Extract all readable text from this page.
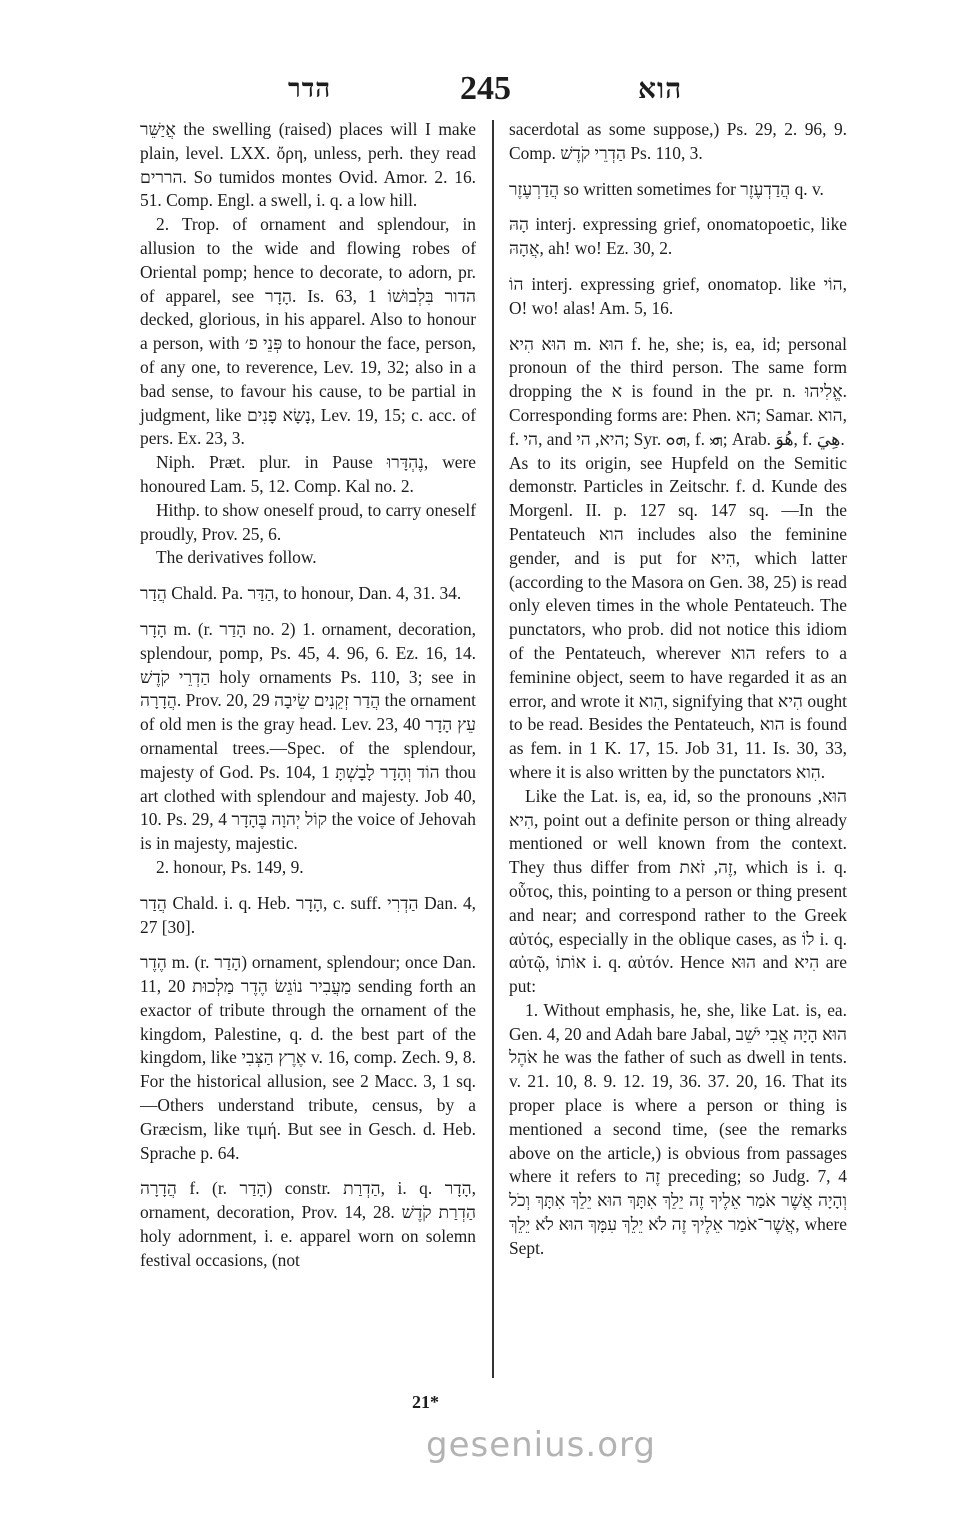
הדר	245	הוא

אֲיַשֵּׁר the swelling (raised) places will I make plain, level. LXX. ὄρη, unless, perh. they read הררים. So tumidos montes Ovid. Amor. 2. 16. 51. Comp. Engl. a swell, i. q. a low hill.

2. Trop. of ornament and splendour, in allusion to the wide and flowing robes of Oriental pomp; hence to decorate, to adorn, pr. of apparel, see הָדָר. Is. 63, 1 הדור בִּלְבוּשׁוֹ decked, glorious, in his apparel. Also to honour a person, with פְּנֵי פ׳ to honour the face, person, of any one, to reverence, Lev. 19, 32; also in a bad sense, to favour his cause, to be partial in judgment, like נָשָׂא פָנִים, Lev. 19, 15; c. acc. of pers. Ex. 23, 3.

Niph. Præt. plur. in Pause נֶהְדָּרוּ, were honoured Lam. 5, 12. Comp. Kal no. 2.

Hithp. to show oneself proud, to carry oneself proudly, Prov. 25, 6.

The derivatives follow.

הֲדַר Chald. Pa. הַדַּר, to honour, Dan. 4, 31. 34.

הָדָר m. (r. הָדַר no. 2) 1. ornament, decoration, splendour, pomp, Ps. 45, 4. 96, 6. Ez. 16, 14. הַדְרֵי קֹדֶשׁ holy ornaments Ps. 110, 3; see in הֲדָרָה. Prov. 20, 29 הֲדַר זְקֵנִים שֵׂיבָה the ornament of old men is the gray head. Lev. 23, 40 עֵץ הָדָר ornamental trees.—Spec. of the splendour, majesty of God. Ps. 104, 1 הוֹד וְהָדָר לָבָשְׁתָּ thou art clothed with splendour and majesty. Job 40, 10. Ps. 29, 4 קוֹל יְהוָה בֶּהָדָר the voice of Jehovah is in majesty, majestic.

2. honour, Ps. 149, 9.

הֲדַר Chald. i. q. Heb. הָדָר, c. suff. הַדְרִי Dan. 4, 27 [30].

הֶדֶר m. (r. הָדַר) ornament, splendour; once Dan. 11, 20 מַעֲבִיר נוֹגֵשׂ הֶדֶר מַלְכוּת sending forth an exactor of tribute through the ornament of the kingdom, Palestine, q. d. the best part of the kingdom, like אֶרֶץ הַצְּבִי v. 16, comp. Zech. 9, 8. For the historical allusion, see 2 Macc. 3, 1 sq.—Others understand tribute, census, by a Græcism, like τιμή. But see in Gesch. d. Heb. Sprache p. 64.

הֲדָרָה f. (r. הָדַר) constr. הַדְרַת, i. q. הָדָר, ornament, decoration, Prov. 14, 28. הַדְרַת קֹדֶשׁ holy adornment, i. e. apparel worn on solemn festival occasions, (not

sacerdotal as some suppose,) Ps. 29, 2. 96, 9. Comp. הַדְרֵי קֹדֶשׁ Ps. 110, 3.

הֲדַרְעֶזֶר so written sometimes for הֲדַדְעֶזֶר q. v.

הָהּ interj. expressing grief, onomatopoetic, like אֲהָהּ, ah! wo! Ez. 30, 2.

הוֹ interj. expressing grief, onomatop. like הוֹי, O! wo! alas! Am. 5, 16.

הוּא הִיא m. הוּא f. he, she; is, ea, id; personal pronoun of the third person. The same form dropping the א is found in the pr. n. אֱלִיהוּ. Corresponding forms are: Phen. הא; Samar. הוא, f. הי, and היא, הי; Syr. ܗܘ, f. ܗܝ; Arab. هُوَ, f. هِيَ.

As to its origin, see Hupfeld on the Semitic demonstr. Particles in Zeitschr. f. d. Kunde des Morgenl. II. p. 127 sq. 147 sq. —In the Pentateuch הוא includes also the feminine gender, and is put for הִיא, which latter (according to the Masora on Gen. 38, 25) is read only eleven times in the whole Pentateuch. The punctators, who prob. did not notice this idiom of the Pentateuch, wherever הוא refers to a feminine object, seem to have regarded it as an error, and wrote it הִוא, signifying that הִיא ought to be read. Besides the Pentateuch, הוא is found as fem. in 1 K. 17, 15. Job 31, 11. Is. 30, 33, where it is also written by the punctators הִוא.

Like the Lat. is, ea, id, so the pronouns הוּא, הִיא, point out a definite person or thing already mentioned or well known from the context. They thus differ from זֶה, זֹאת, which is i. q. οὗτος, this, pointing to a person or thing present and near; and correspond rather to the Greek αὐτός, especially in the oblique cases, as לוֹ i. q. αὐτῷ, אוֹתוֹ i. q. αὐτόν. Hence הוּא and הִיא are put:

1. Without emphasis, he, she, like Lat. is, ea. Gen. 4, 20 and Adah bare Jabal, הוּא הָיָה אֲבִי יֹשֵׁב אֹהֶל he was the father of such as dwell in tents. v. 21. 10, 8. 9. 12. 19, 36. 37. 20, 16. That its proper place is where a person or thing is mentioned a second time, (see the remarks above on the article,) is obvious from passages where it refers to זֶה preceding; so Judg. 7, 4 וְהָיָה אֲשֶׁר אֹמַר אֵלֶיךָ זֶה יֵלֵךְ אִתָּךְ הוּא יֵלֵךְ אִתָּךְ וְכֹל אֲשֶׁר־אֹמַר אֵלֶיךָ זֶה לֹא יֵלֵךְ עִמָּךְ הוּא לֹא יֵלֵךְ, where Sept.

21*
gesenius.org
